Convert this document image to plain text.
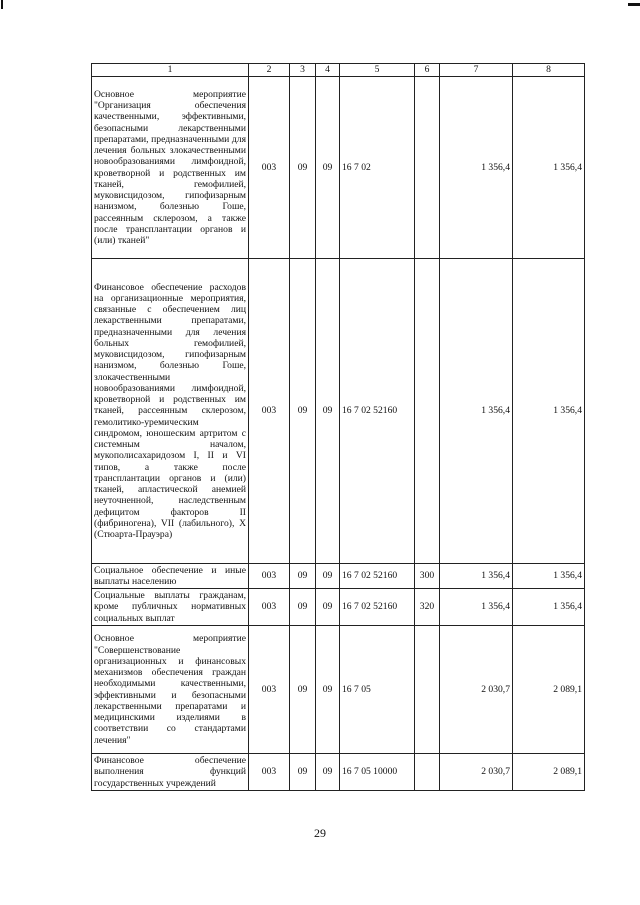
1	2	3	4	5	6	7	8
Основное мероприятие "Организация обеспечения качественными, эффективными, безопасными лекарственными препаратами, предназначенными для лечения больных злокачественными новообразованиями лимфоидной, кроветворной и родственных им тканей, гемофилией, муковисцидозом, гипофизарным нанизмом, болезнью Гоше, рассеянным склерозом, а также после трансплантации органов и (или) тканей"	003	09	09	16 7 02		1 356,4	1 356,4
Финансовое обеспечение расходов на организационные мероприятия, связанные с обеспечением лиц лекарственными препаратами, предназначенными для лечения больных гемофилией, муковисцидозом, гипофизарным нанизмом, болезнью Гоше, злокачественными новообразованиями лимфоидной, кроветворной и родственных им тканей, рассеянным склерозом, гемолитико-уремическим синдромом, юношеским артритом с системным началом, мукополисахаридозом I, II и VI типов, а также после трансплантации органов и (или) тканей, апластической анемией неуточненной, наследственным дефицитом факторов II (фибриногена), VII (лабильного), X (Стюарта-Прауэра)	003	09	09	16 7 02 52160		1 356,4	1 356,4
Социальное обеспечение и иные выплаты населению	003	09	09	16 7 02 52160	300	1 356,4	1 356,4
Социальные выплаты гражданам, кроме публичных нормативных социальных выплат	003	09	09	16 7 02 52160	320	1 356,4	1 356,4
Основное мероприятие "Совершенствование организационных и финансовых механизмов обеспечения граждан необходимыми качественными, эффективными и безопасными лекарственными препаратами и медицинскими изделиями в соответствии со стандартами лечения"	003	09	09	16 7 05		2 030,7	2 089,1
Финансовое обеспечение выполнения функций государственных учреждений	003	09	09	16 7 05 10000		2 030,7	2 089,1
29
